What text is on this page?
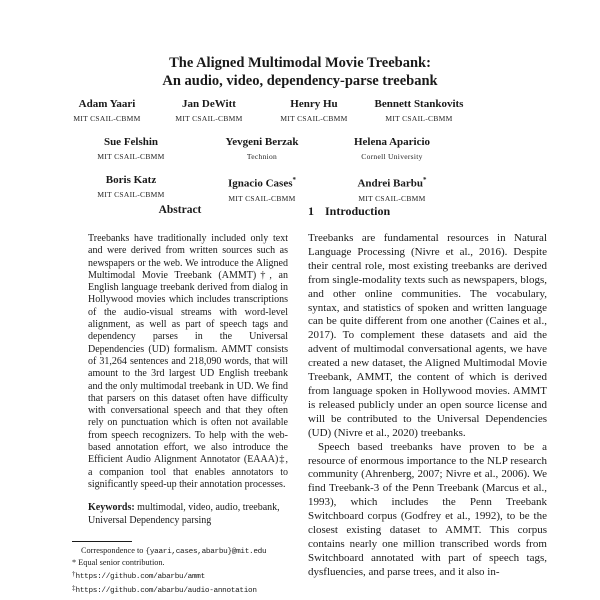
The Aligned Multimodal Movie Treebank:
An audio, video, dependency-parse treebank
Adam Yaari
MIT CSAIL-CBMM
Jan DeWitt
MIT CSAIL-CBMM
Henry Hu
MIT CSAIL-CBMM
Bennett Stankovits
MIT CSAIL-CBMM
Sue Felshin
MIT CSAIL-CBMM
Yevgeni Berzak
Technion
Helena Aparicio
Cornell University
Boris Katz
MIT CSAIL-CBMM
Ignacio Cases*
MIT CSAIL-CBMM
Andrei Barbu*
MIT CSAIL-CBMM
Abstract

Treebanks have traditionally included only text and were derived from written sources such as newspapers or the web. We introduce the Aligned Multimodal Movie Treebank (AMMT)†, an English language treebank derived from dialog in Hollywood movies which includes transcriptions of the audio-visual streams with word-level alignment, as well as part of speech tags and dependency parses in the Universal Dependencies (UD) formalism. AMMT consists of 31,264 sentences and 218,090 words, that will amount to the 3rd largest UD English treebank and the only multimodal treebank in UD. We find that parsers on this dataset often have difficulty with conversational speech and that they often rely on punctuation which is often not available from speech recognizers. To help with the web-based annotation effort, we also introduce the Efficient Audio Alignment Annotator (EAAA)‡, a companion tool that enables annotators to significantly speed-up their annotation processes.

Keywords: multimodal, video, audio, treebank, Universal Dependency parsing

Correspondence to {yaari,cases,abarbu}@mit.edu
* Equal senior contribution.
†https://github.com/abarbu/ammt
‡https://github.com/abarbu/audio-annotation
1 Introduction

Treebanks are fundamental resources in Natural Language Processing (Nivre et al., 2016). Despite their central role, most existing treebanks are derived from single-modality texts such as newspapers, blogs, and other online communities. The vocabulary, syntax, and statistics of spoken and written language can be quite different from one another (Caines et al., 2017). To complement these datasets and aid the advent of multimodal conversational agents, we have created a new dataset, the Aligned Multimodal Movie Treebank, AMMT, the content of which is derived from language spoken in Hollywood movies. AMMT is released publicly under an open source license and will be contributed to the Universal Dependencies (UD) (Nivre et al., 2020) treebanks.

Speech based treebanks have proven to be a resource of enormous importance to the NLP research community (Ahrenberg, 2007; Nivre et al., 2006). We find Treebank-3 of the Penn Treebank (Marcus et al., 1993), which includes the Penn Treebank Switchboard corpus (Godfrey et al., 1992), to be the closest existing dataset to AMMT. This corpus contains nearly one million transcribed words from Switchboard annotated with part of speech tags, dysfluencies, and parse trees, and it also in-
